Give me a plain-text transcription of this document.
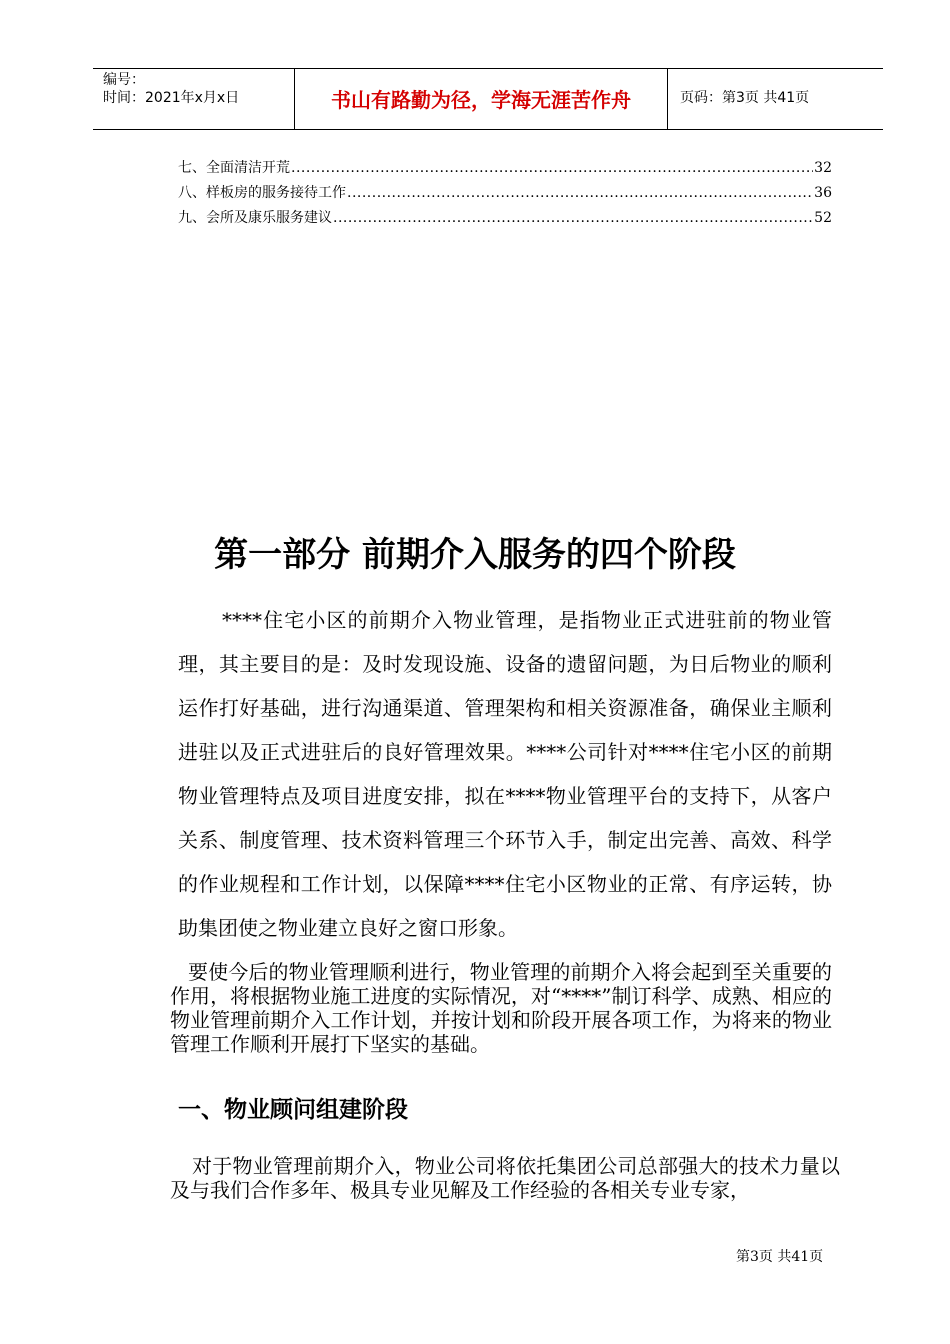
编号：
时间：2021年x月x日	书山有路勤为径，学海无涯苦作舟	页码：第3页 共41页
七、全面清洁开荒 .....	32
八、样板房的服务接待工作 .....	36
九、会所及康乐服务建议 .....	52
第一部分 前期介入服务的四个阶段

****住宅小区的前期介入物业管理，是指物业正式进驻前的物业管理，其主要目的是：及时发现设施、设备的遗留问题，为日后物业的顺利运作打好基础，进行沟通渠道、管理架构和相关资源准备，确保业主顺利进驻以及正式进驻后的良好管理效果。****公司针对****住宅小区的前期物业管理特点及项目进度安排，拟在****物业管理平台的支持下，从客户关系、制度管理、技术资料管理三个环节入手，制定出完善、高效、科学的作业规程和工作计划，以保障****住宅小区物业的正常、有序运转，协助集团使之物业建立良好之窗口形象。

要使今后的物业管理顺利进行，物业管理的前期介入将会起到至关重要的作用，将根据物业施工进度的实际情况，对“****”制订科学、成熟、相应的物业管理前期介入工作计划，并按计划和阶段开展各项工作，为将来的物业管理工作顺利开展打下坚实的基础。

一、物业顾问组建阶段

对于物业管理前期介入，物业公司将依托集团公司总部强大的技术力量以及与我们合作多年、极具专业见解及工作经验的各相关专业专家，

第3页 共41页
